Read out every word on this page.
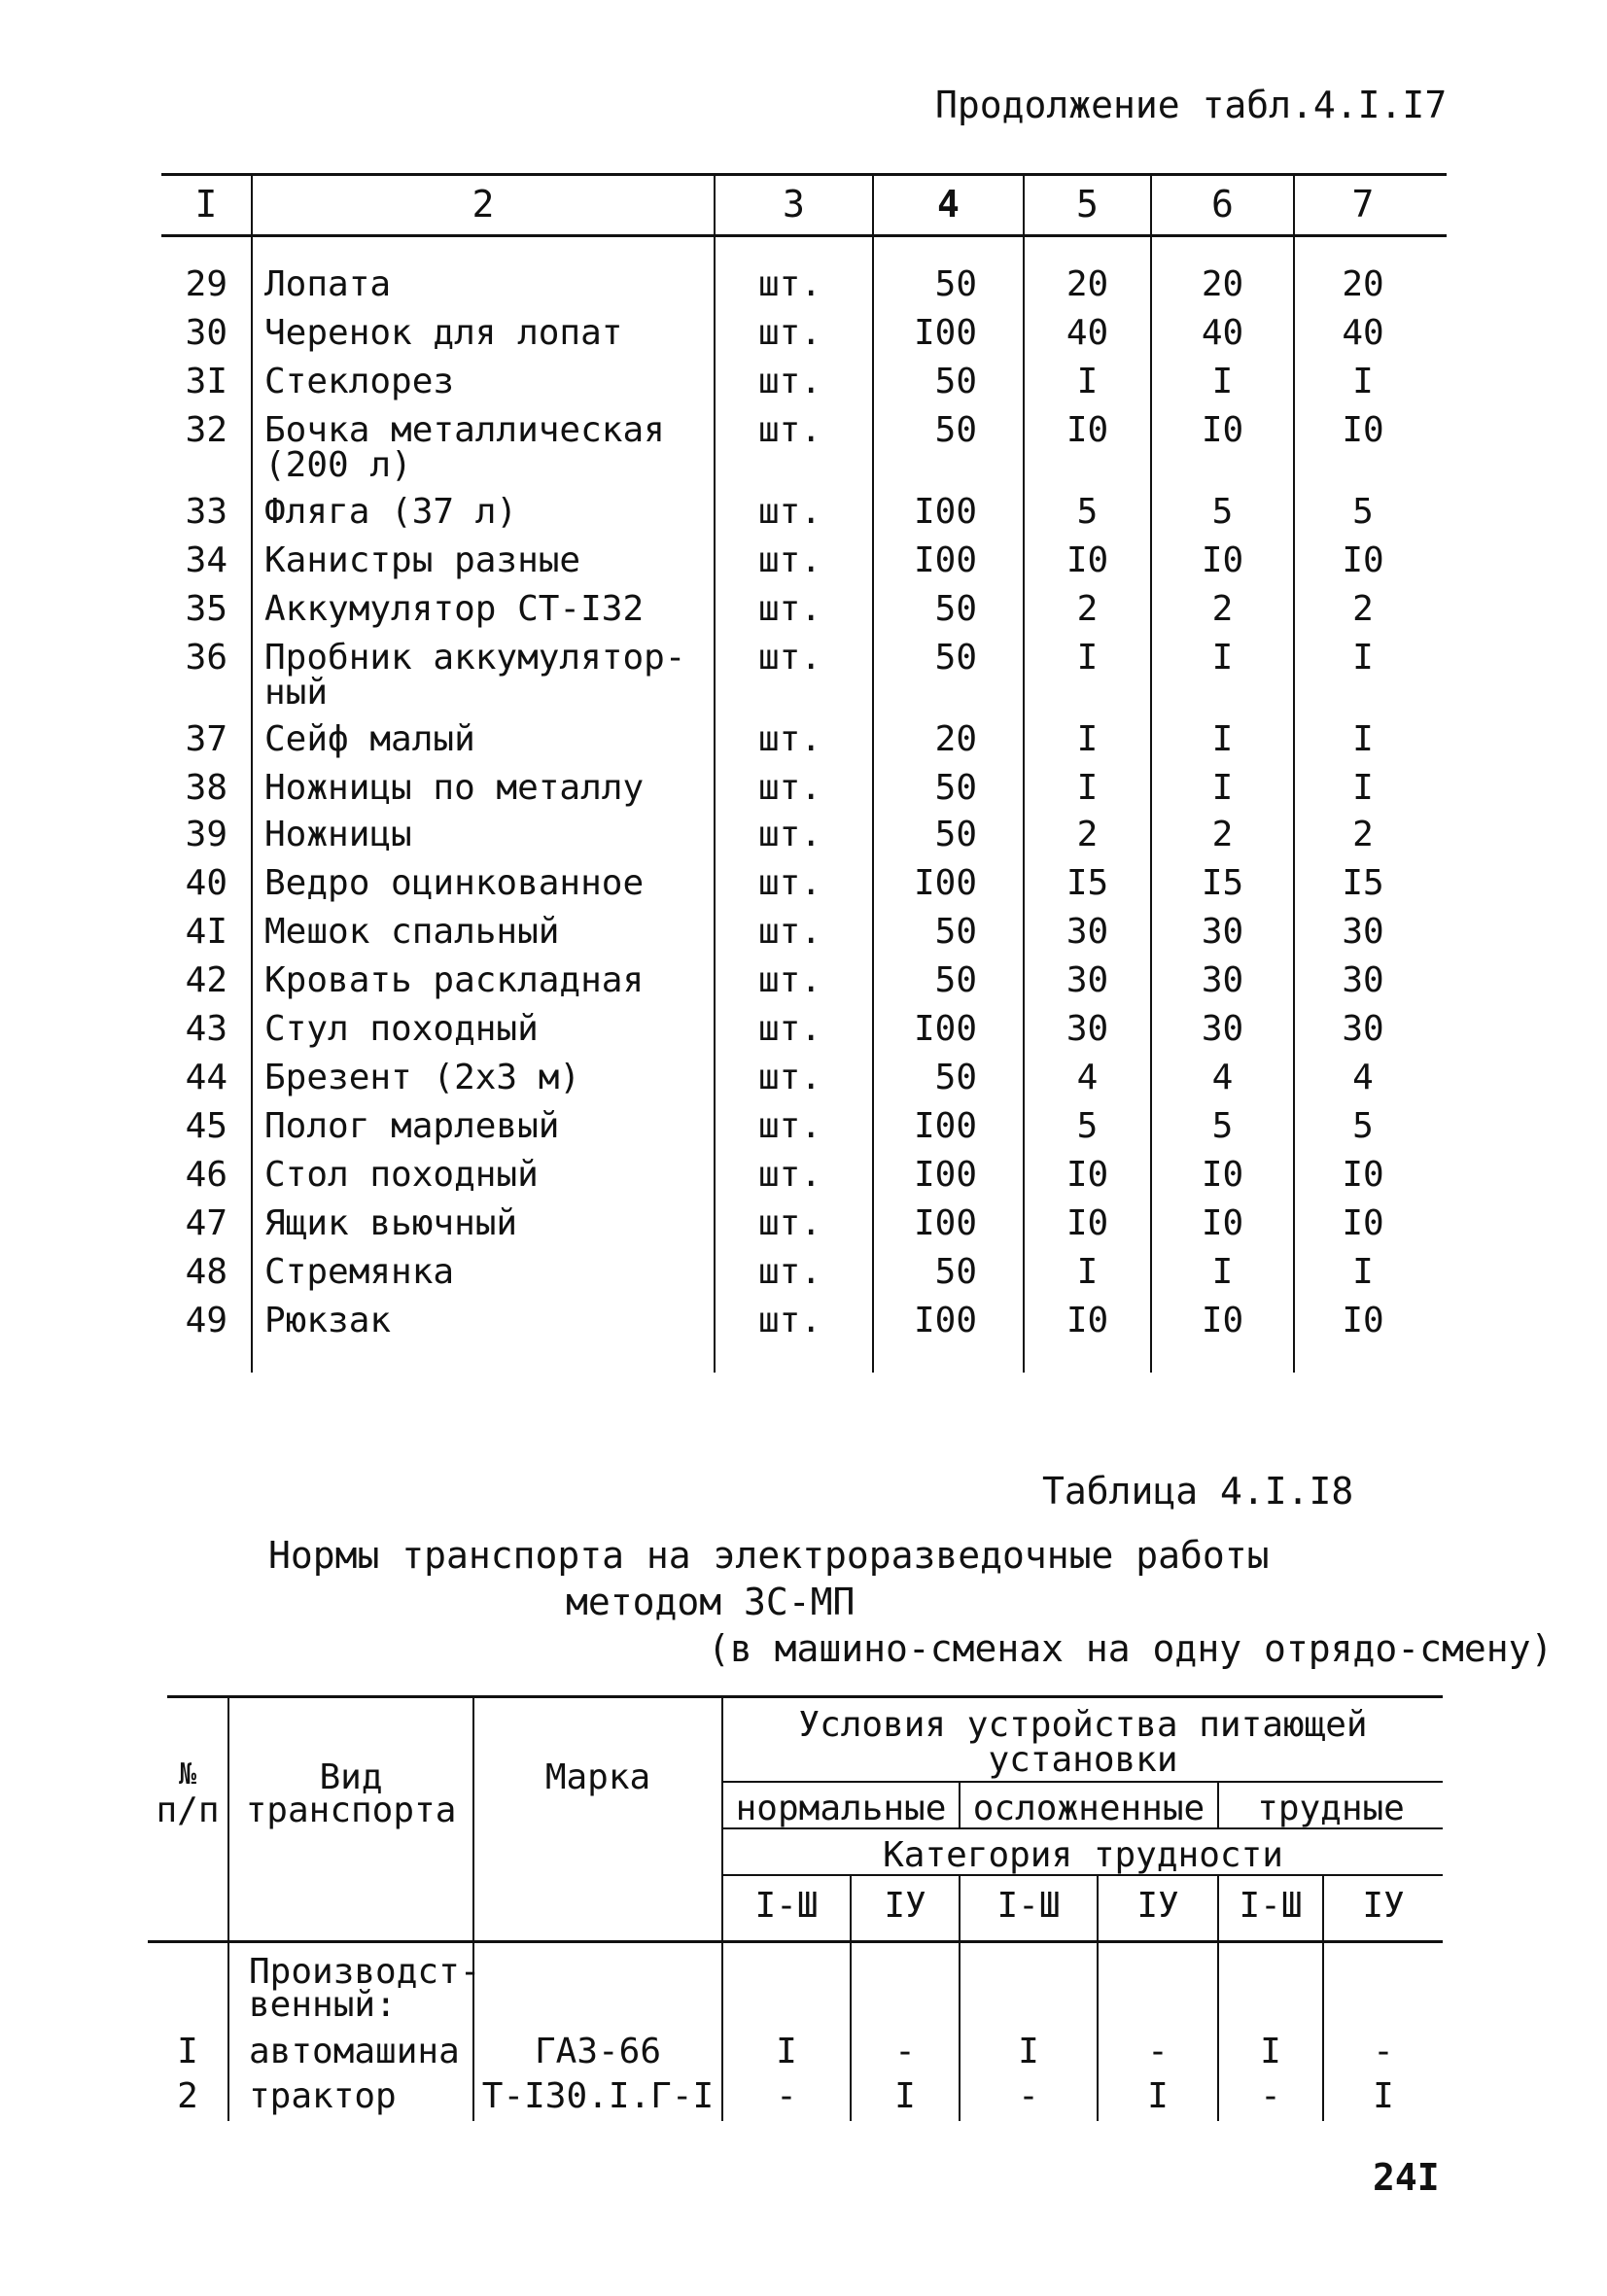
Продолжение табл.4.I.I7
I	2	3	4	5	6	7
29 Лопата	шт.	50	20	20	20
30 Черенок для лопат	шт.	I00	40	40	40
3I Стеклорез	шт.	50	I	I	I
32 Бочка металлическая	шт.	50	I0	I0	I0
(200 л)
33 Фляга (37 л)	шт.	I00	5	5	5
34 Канистры разные	шт.	I00	I0	I0	I0
35 Аккумулятор СТ-I32	шт.	50	2	2	2
36 Пробник аккумулятор-	шт.	50	I	I	I
ный
37 Сейф малый	шт.	20	I	I	I
38 Ножницы по металлу	шт.	50	I	I	I
39 Ножницы	шт.	50	2	2	2
40 Ведро оцинкованное	шт.	I00	I5	I5	I5
4I Мешок спальный	шт.	50	30	30	30
42 Кровать раскладная	шт.	50	30	30	30
43 Стул походный	шт.	I00	30	30	30
44 Брезент (2х3 м)	шт.	50	4	4	4
45 Полог марлевый	шт.	I00	5	5	5
46 Стол походный	шт.	I00	I0	I0	I0
47 Ящик вьючный	шт.	I00	I0	I0	I0
48 Стремянка	шт.	50	I	I	I
49 Рюкзак	шт.	I00	I0	I0	I0
Таблица 4.I.I8
Нормы транспорта на электроразведочные работы
методом ЗС-МП
(в машино-сменах на одну отрядо-смену)
№
п/п
Вид
транспорта
Марка
Условия устройства питающей
установки
нормальные осложненные	трудные
Категория трудности
I-Ш	IУ	I-Ш	IУ	I-Ш	IУ
Производст-
венный:
I	автомашина	ГАЗ-66	I	-	I	-	I	-
2	трактор Т-I30.I.Г-I	-	I	-	I	-	I
24I
